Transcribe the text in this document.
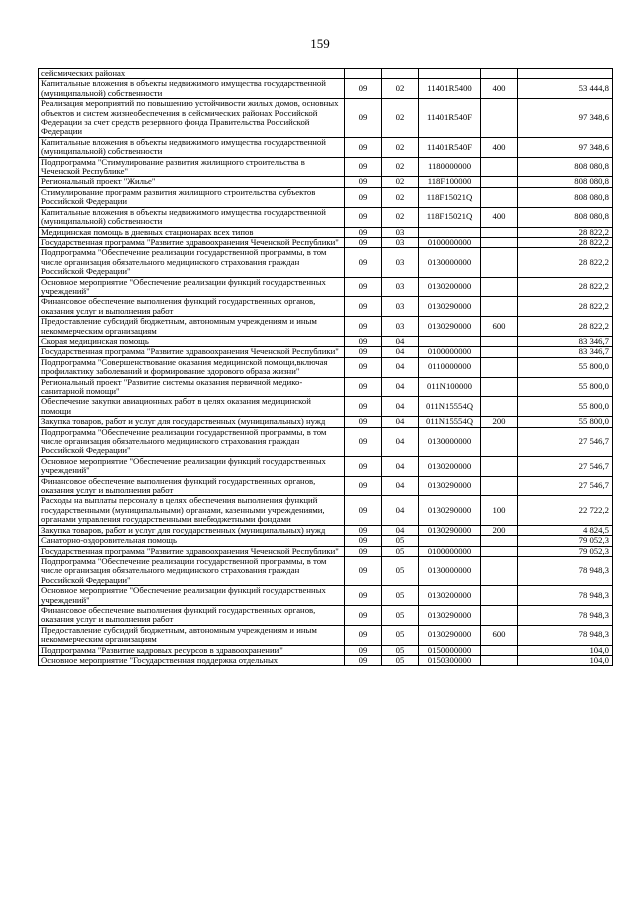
159
сейсмических районах					
Капитальные вложения в объекты недвижимого имущества государственной (муниципальной) собственности	09	02	11401R5400	400	53 444,8
Реализация мероприятий по повышению устойчивости жилых домов, основных объектов и систем жизнеобеспечения в сейсмических районах Российской Федерации за счет средств резервного фонда Правительства Российской Федерации	09	02	11401R540F		97 348,6
Капитальные вложения в объекты недвижимого имущества государственной (муниципальной) собственности	09	02	11401R540F	400	97 348,6
Подпрограмма "Стимулирование развития жилищного строительства в Чеченской Республике"	09	02	1180000000		808 080,8
Региональный проект "Жилье"	09	02	118F100000		808 080,8
Стимулирование программ развития жилищного строительства субъектов Российской Федерации	09	02	118F15021Q		808 080,8
Капитальные вложения в объекты недвижимого имущества государственной (муниципальной) собственности	09	02	118F15021Q	400	808 080,8
Медицинская помощь в дневных стационарах всех типов	09	03			28 822,2
Государственная программа "Развитие здравоохранения Чеченской Республики"	09	03	0100000000		28 822,2
Подпрограмма "Обеспечение реализации государственной программы, в том числе организация обязательного медицинского страхования граждан Российской Федерации"	09	03	0130000000		28 822,2
Основное мероприятие "Обеспечение реализации функций государственных учреждений"	09	03	0130200000		28 822,2
Финансовое обеспечение выполнения функций государственных органов, оказания услуг и выполнения работ	09	03	0130290000		28 822,2
Предоставление субсидий бюджетным, автономным учреждениям и иным некоммерческим организациям	09	03	0130290000	600	28 822,2
Скорая медицинская помощь	09	04			83 346,7
Государственная программа "Развитие здравоохранения Чеченской Республики"	09	04	0100000000		83 346,7
Подпрограмма "Совершенствование оказания медицинской помощи,включая профилактику заболеваний и формирование здорового образа жизни"	09	04	0110000000		55 800,0
Региональный проект "Развитие системы оказания первичной медико-санитарной помощи"	09	04	011N100000		55 800,0
Обеспечение закупки авиационных работ в целях оказания медицинской помощи	09	04	011N15554Q		55 800,0
Закупка товаров, работ и услуг для государственных (муниципальных) нужд	09	04	011N15554Q	200	55 800,0
Подпрограмма "Обеспечение реализации государственной программы, в том числе организация обязательного медицинского страхования граждан Российской Федерации"	09	04	0130000000		27 546,7
Основное мероприятие "Обеспечение реализации функций государственных учреждений"	09	04	0130200000		27 546,7
Финансовое обеспечение выполнения функций государственных органов, оказания услуг и выполнения работ	09	04	0130290000		27 546,7
Расходы на выплаты персоналу в целях обеспечения выполнения функций государственными (муниципальными) органами, казенными учреждениями, органами управления государственными внебюджетными фондами	09	04	0130290000	100	22 722,2
Закупка товаров, работ и услуг для государственных (муниципальных) нужд	09	04	0130290000	200	4 824,5
Санаторно-оздоровительная помощь	09	05			79 052,3
Государственная программа "Развитие здравоохранения Чеченской Республики"	09	05	0100000000		79 052,3
Подпрограмма "Обеспечение реализации государственной программы, в том числе организация обязательного медицинского страхования граждан Российской Федерации"	09	05	0130000000		78 948,3
Основное мероприятие "Обеспечение реализации функций государственных учреждений"	09	05	0130200000		78 948,3
Финансовое обеспечение выполнения функций государственных органов, оказания услуг и выполнения работ	09	05	0130290000		78 948,3
Предоставление субсидий бюджетным, автономным учреждениям и иным некоммерческим организациям	09	05	0130290000	600	78 948,3
Подпрограмма "Развитие кадровых ресурсов в здравоохранении"	09	05	0150000000		104,0
Основное мероприятие "Государственная поддержка отдельных	09	05	0150300000		104,0
